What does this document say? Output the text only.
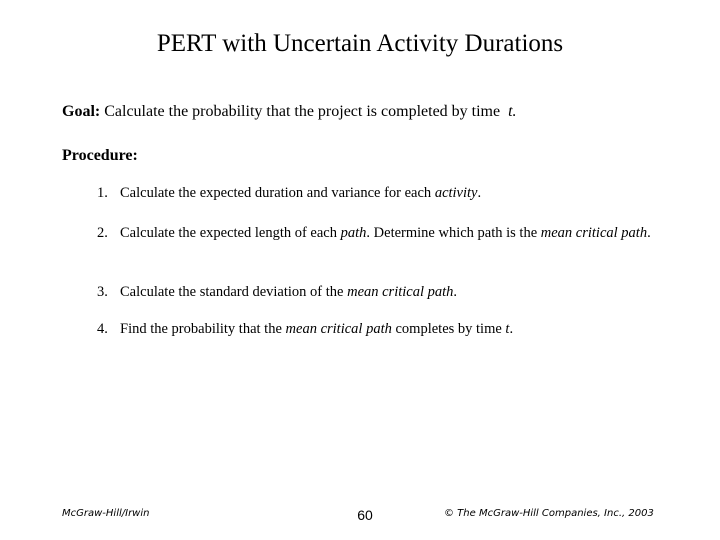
PERT with Uncertain Activity Durations
Goal: Calculate the probability that the project is completed by time t.
Procedure:
1. Calculate the expected duration and variance for each activity.
2. Calculate the expected length of each path. Determine which path is the mean critical path.
3. Calculate the standard deviation of the mean critical path.
4. Find the probability that the mean critical path completes by time t.
McGraw-Hill/Irwin	60	© The McGraw-Hill Companies, Inc., 2003
